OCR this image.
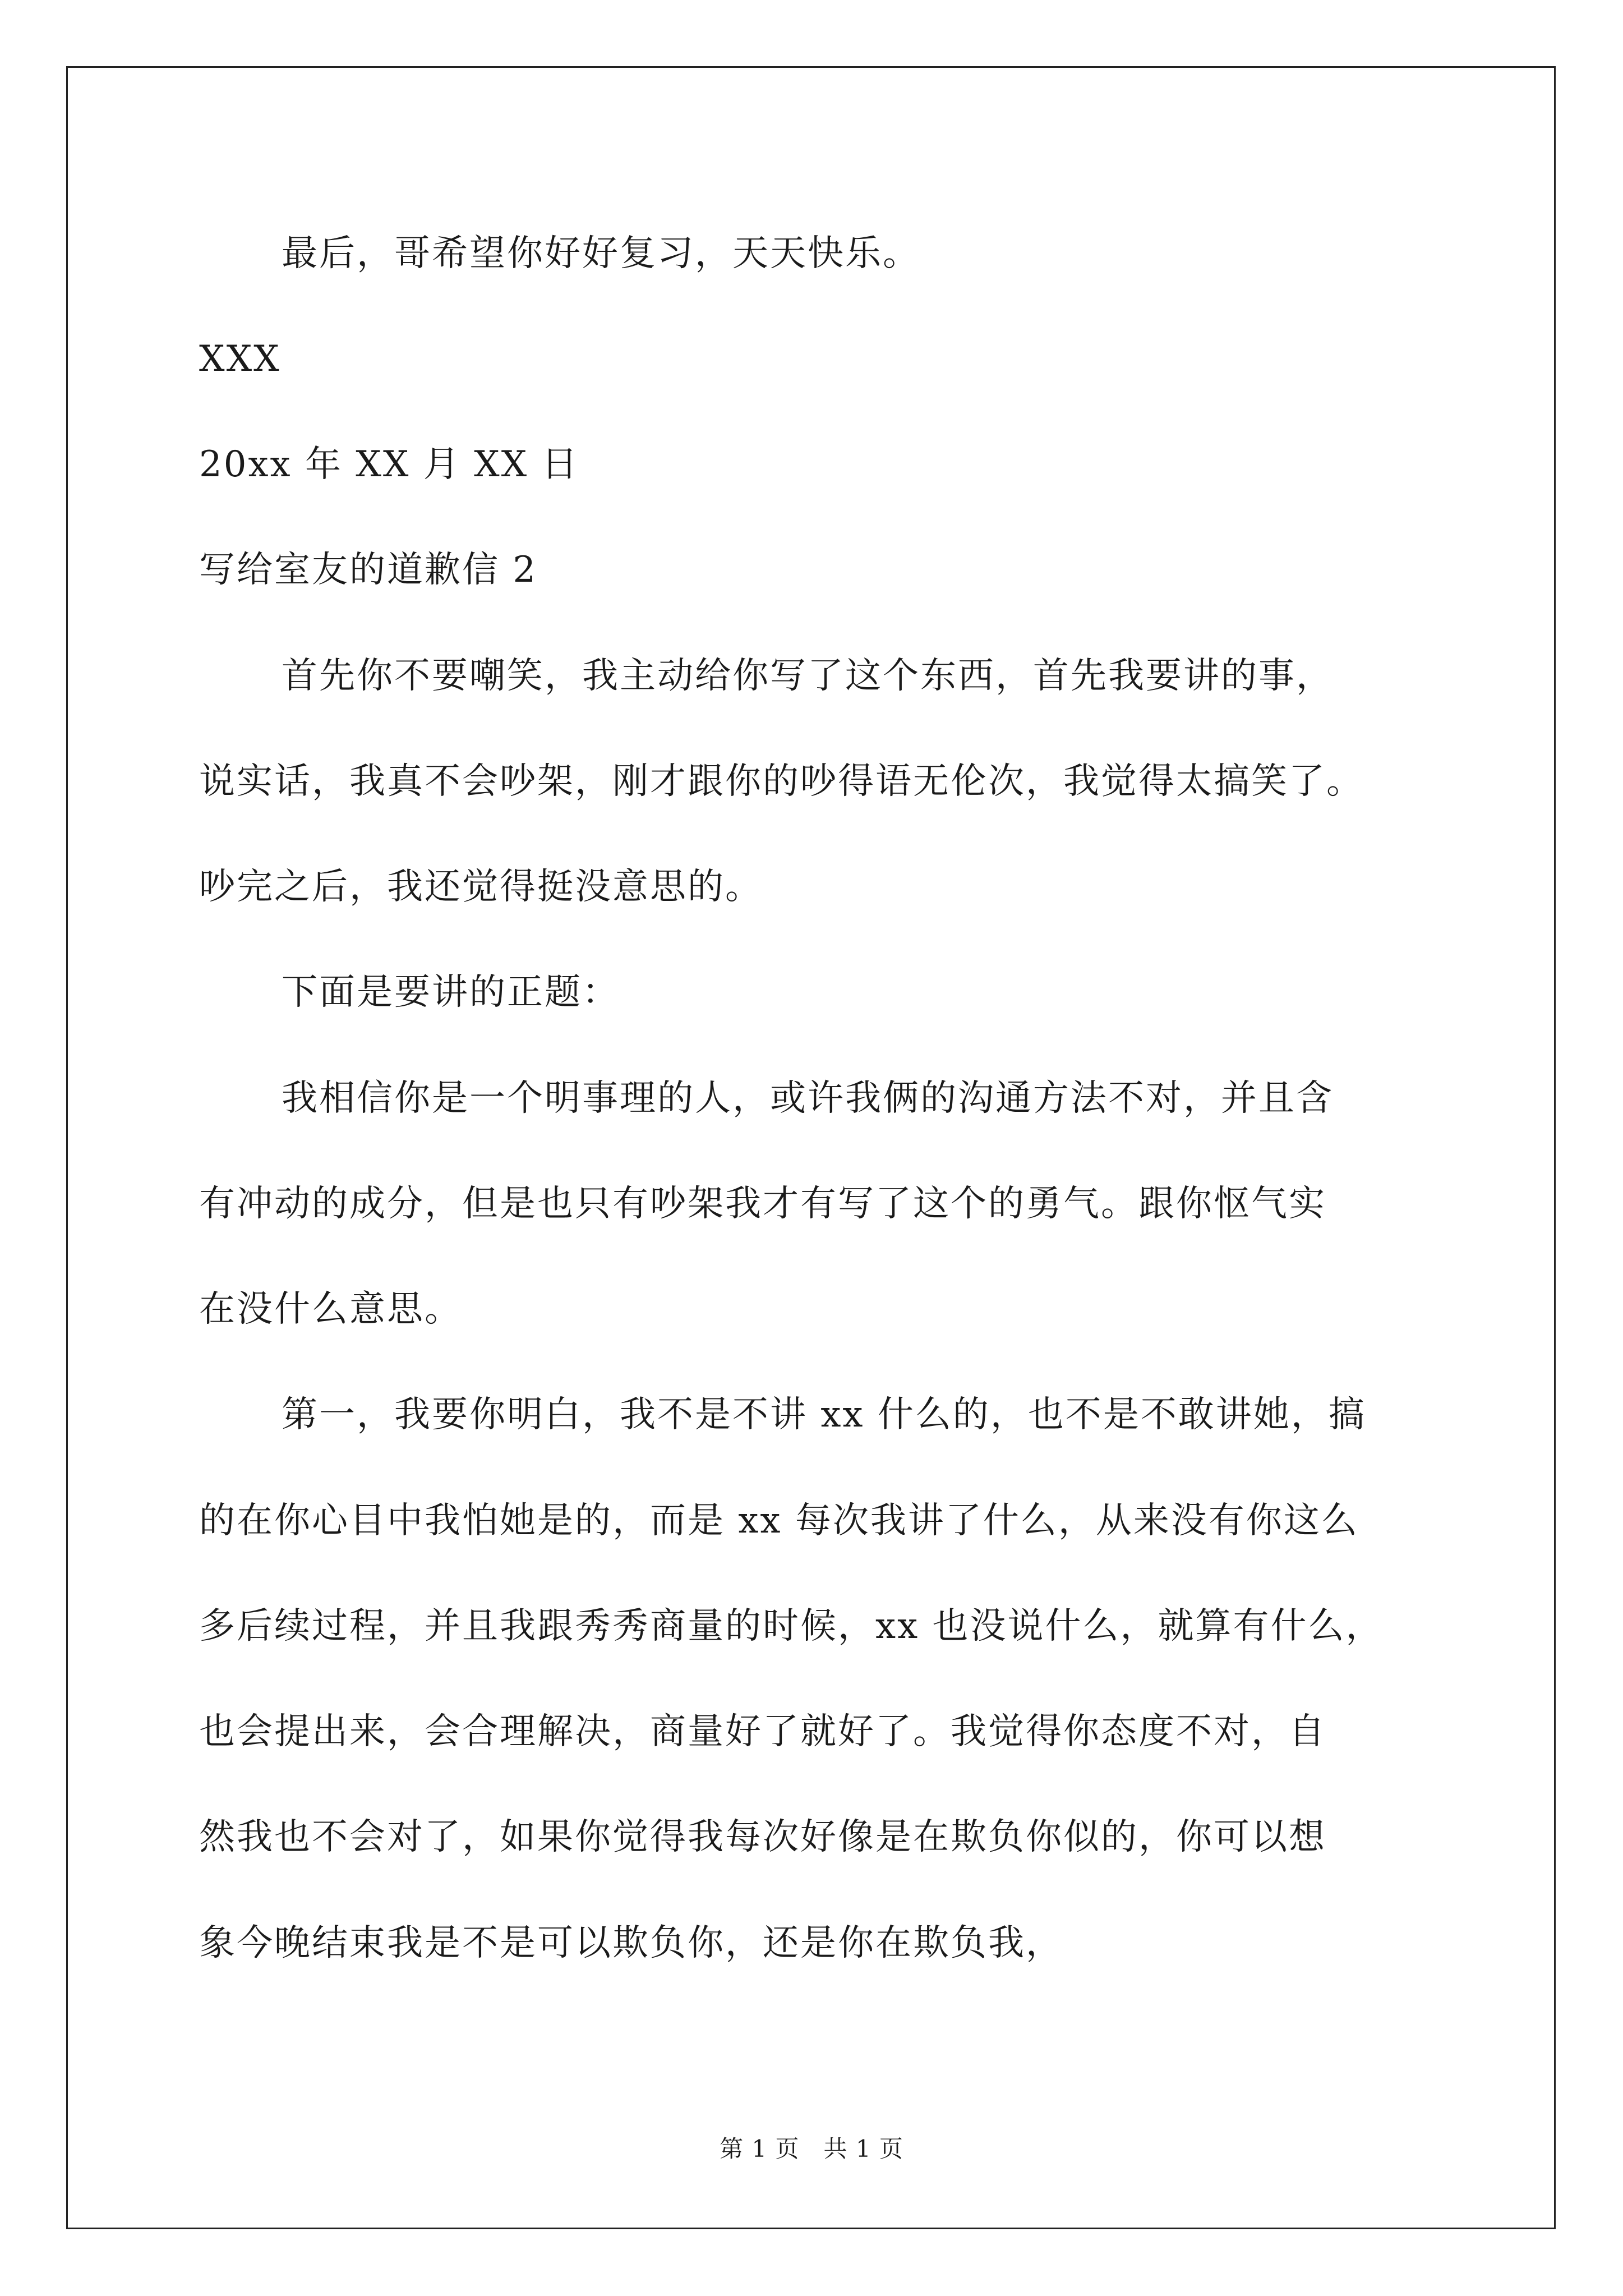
最后，哥希望你好好复习，天天快乐。
XXX
20xx 年 XX 月 XX 日
写给室友的道歉信 2
首先你不要嘲笑，我主动给你写了这个东西，首先我要讲的事，
说实话，我真不会吵架，刚才跟你的吵得语无伦次，我觉得太搞笑了。
吵完之后，我还觉得挺没意思的。
下面是要讲的正题：
我相信你是一个明事理的人，或许我俩的沟通方法不对，并且含
有冲动的成分，但是也只有吵架我才有写了这个的勇气。跟你怄气实
在没什么意思。
第一，我要你明白，我不是不讲 xx 什么的，也不是不敢讲她，搞
的在你心目中我怕她是的，而是 xx 每次我讲了什么，从来没有你这么
多后续过程，并且我跟秀秀商量的时候，xx 也没说什么，就算有什么，
也会提出来，会合理解决，商量好了就好了。我觉得你态度不对，自
然我也不会对了，如果你觉得我每次好像是在欺负你似的，你可以想
象今晚结束我是不是可以欺负你，还是你在欺负我，
第 1 页　共 1 页
